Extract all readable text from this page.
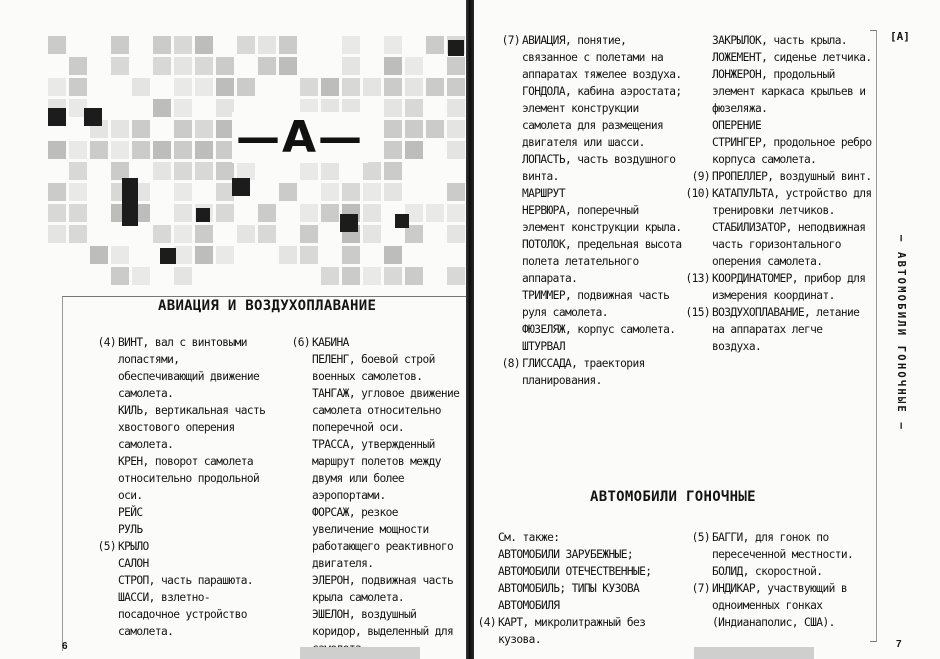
—А—
АВИАЦИЯ И ВОЗДУХОПЛАВАНИЕ
(4) ВИНТ, вал с винтовыми лопастями, обеспечивающий движение самолета.
КИЛЬ, вертикальная часть хвостового оперения самолета.
КРЕН, поворот самолета относительно продольной оси.
РЕЙС
РУЛЬ
(5) КРЫЛО
САЛОН
СТРОП, часть парашюта.
ШАССИ, взлетно-посадочное устройство самолета.
(6) КАБИНА
ПЕЛЕНГ, боевой строй военных самолетов.
ТАНГАЖ, угловое движение самолета относительно поперечной оси.
ТРАССА, утвержденный маршрут полетов между двумя или более аэропортами.
ФОРСАЖ, резкое увеличение мощности работающего реактивного двигателя.
ЭЛЕРОН, подвижная часть крыла самолета.
ЭШЕЛОН, воздушный коридор, выделенный для
6
(7) АВИАЦИЯ, понятие, связанное с полетами на аппаратах тяжелее воздуха.
ГОНДОЛА, кабина аэростата; элемент конструкции самолета для размещения двигателя или шасси.
ЛОПАСТЬ, часть воздушного винта.
МАРШРУТ
НЕРВЮРА, поперечный элемент конструкции крыла.
ПОТОЛОК, предельная высота полета летательного аппарата.
ТРИММЕР, подвижная часть руля самолета.
ФЮЗЕЛЯЖ, корпус самолета.
ШТУРВАЛ
(8) ГЛИССАДА, траектория планирования.
ЗАКРЫЛОК, часть крыла.
ЛОЖЕМЕНТ, сиденье летчика.
ЛОНЖЕРОН, продольный элемент каркаса крыльев и фюзеляжа.
ОПЕРЕНИЕ
СТРИНГЕР, продольное ребро корпуса самолета.
(9) ПРОПЕЛЛЕР, воздушный винт.
(10) КАТАПУЛЬТА, устройство для тренировки летчиков.
СТАБИЛИЗАТОР, неподвижная часть горизонтального оперения самолета.
(13) КООРДИНАТОМЕР, прибор для измерения координат.
(15) ВОЗДУХОПЛАВАНИЕ, летание на аппаратах легче воздуха.
АВТОМОБИЛИ ГОНОЧНЫЕ
См. также:
АВТОМОБИЛИ ЗАРУБЕЖНЫЕ; АВТОМОБИЛИ ОТЕЧЕСТВЕННЫЕ; АВТОМОБИЛЬ; ТИПЫ КУЗОВА АВТОМОБИЛЯ
(4) КАРТ, микролитражный без кузова.
(5) БАГГИ, для гонок по пересеченной местности.
БОЛИД, скоростной.
(7) ИНДИКАР, участвующий в одноименных гонках (Индианаполис, США).
[А]
– АВТОМОБИЛИ ГОНОЧНЫЕ –
7
